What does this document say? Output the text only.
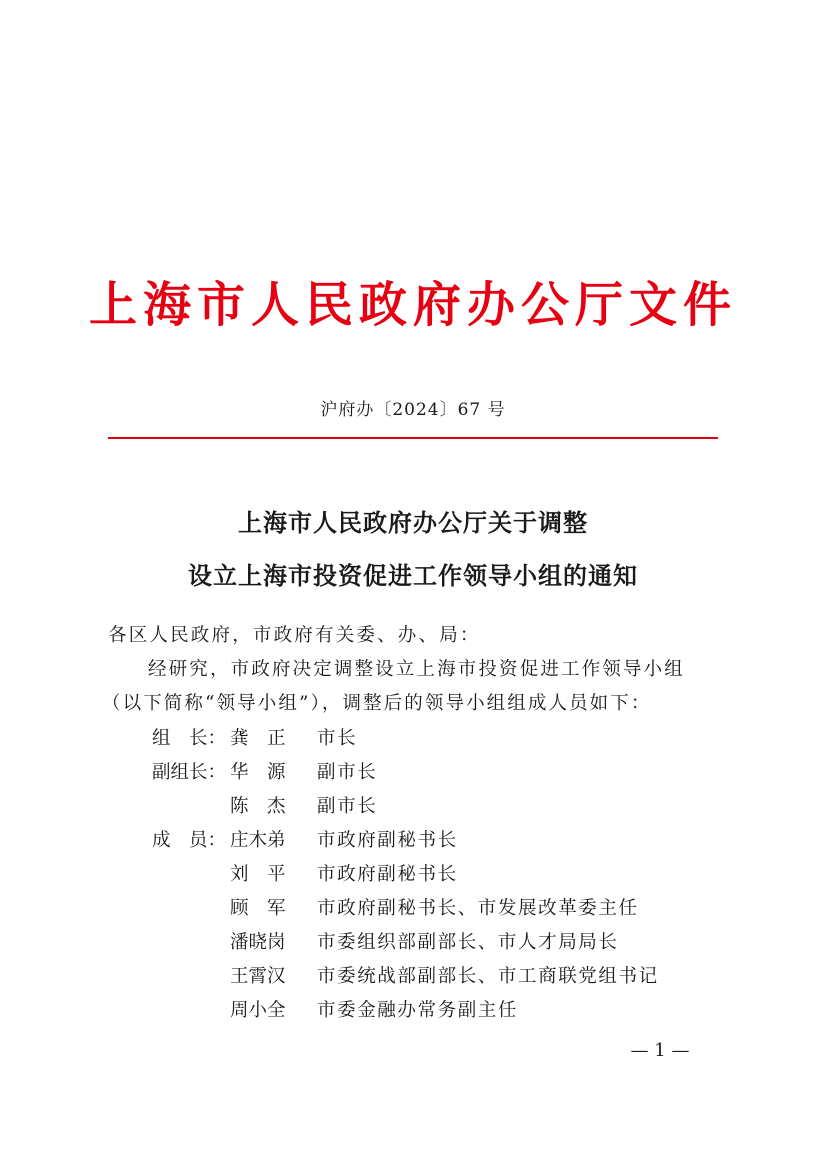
上海市人民政府办公厅文件
沪府办〔2024〕67 号
上海市人民政府办公厅关于调整
设立上海市投资促进工作领导小组的通知
各区人民政府，市政府有关委、办、局：
经研究，市政府决定调整设立上海市投资促进工作领导小组
（以下简称“领导小组”），调整后的领导小组组成人员如下：
组　长： 龚　正 市长
副组长： 华　源 副市长
陈　杰 副市长
成　员： 庄木弟 市政府副秘书长
刘　平 市政府副秘书长
顾　军 市政府副秘书长、市发展改革委主任
潘晓岗 市委组织部副部长、市人才局局长
王霄汉 市委统战部副部长、市工商联党组书记
周小全 市委金融办常务副主任
— 1 —
